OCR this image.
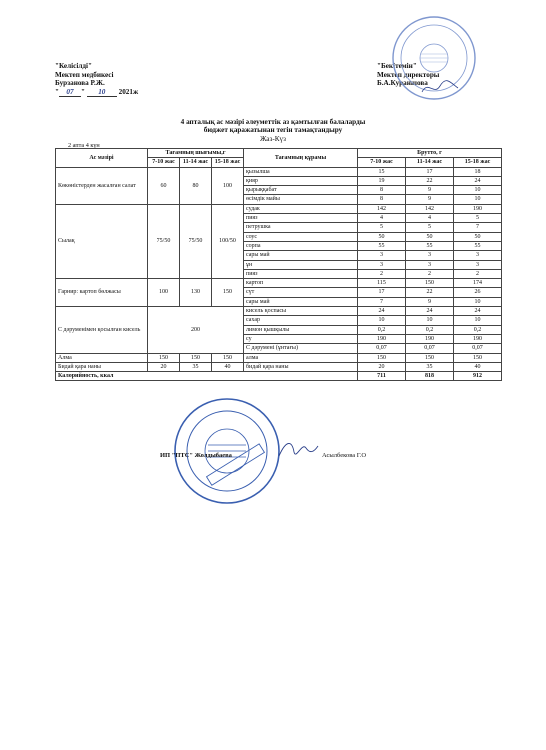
"Келісілді"
Мектеп медбикесі
Бурзанова Р.Ж.
" 07 " 10 2021ж
"Бекітемін"
Мектеп директоры
Б.А.Кураншова
4 апталық ас мәзірі әлеуметтік аз қамтылған балаларды
бюджет қаражатынан тегін тамақтандыру
Жаз-Күз
2 апта 4 күн
Ас мәзірі	Тағамның шығымы,г			Тағамның құрамы	Брутто, г		
	7-10 жас	11-14 жас	15-18 жас		7-10 жас	11-14 жас	15-18 жас
Көкөністерден жасалған салат	60	80	100	қызылша	15	17	18
				қияр	19	22	24
				қырыққабат	8	9	10
				өсімдік майы	8	9	10
Сылақ	75/50	75/50	100/50	судак	142	142	190
				пияз	4	4	5
				петрушка	5	5	7
				соус	50	50	50
				сорпа	55	55	55
				сары май	3	3	3
				ұн	3	3	3
				пияз	2	2	2
Гарнир: картоп бөлжасы	100	130	150	картоп	115	150	174
				сүт	17	22	26
				сары май	7	9	10
С дәруменімен қосылған кисель	200			кисель қоспасы	24	24	24
				сахар	10	10	10
				лимон қышқылы	0,2	0,2	0,2
				су	190	190	190
				С дәрумені (ұнтағы)	0,07	0,07	0,07
Алма	150	150	150	алма	150	150	150
Бидай қара наны	20	35	40	бидай қара наны	20	35	40
Калорийность, ккал					711	818	912
ИП "ПТС" Жолдыбаева	Асылбекова Г.О
